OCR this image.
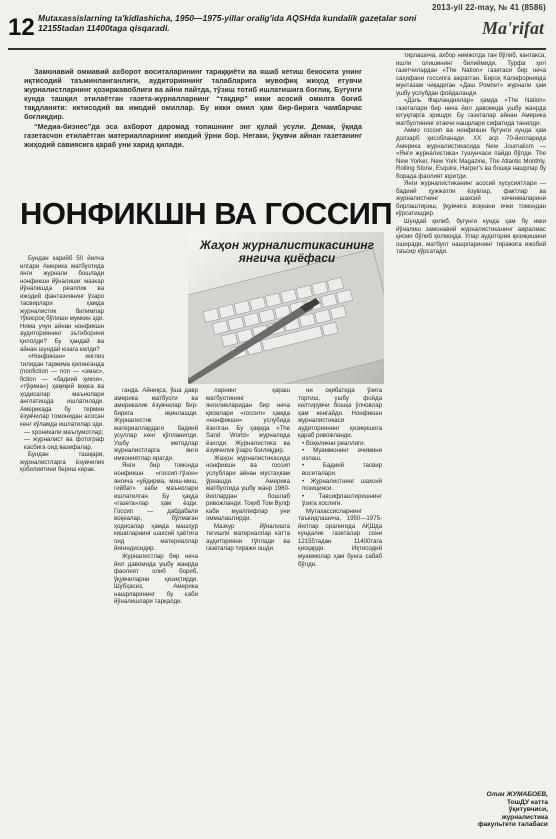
2013-yil 22-may, № 41 (8586)
12 Mutaxassislarning ta'kidlashicha, 1950—1975-yillar oralig'ida AQSHda kundalik gazetalar soni 12155tadan 11400taga qisqaradi.	Ma'rifat

Замонавий оммавий ахборот воситаларининг тараққиёти ва яшаб кетиш бекосита унинг иқтисодий таъминланганлиги, аудиториянинг талабларига мувофиқ жиҳод етувчи журналистларнинг ҳозиржавоблиги ва айни пайтда, тўзиш тотиб ишлатишига боғлиқ. Бугунги кунда ташқил этилаётган газета-журналларнинг “тақдир” икки асосий омилга боғиб тақдланяти: иктисодий ва ижодий омиллар. Бу икки омил ҳам бир-бирига чамбарчас боғлиқдир.

“Медиа-бизнес”да эса ахборот даромад топишнинг энг қулай усули. Демак, ўқида газетасчон етилаётган материалларнинг ижодий ўрни бор. Негаки, ўқувчи айнан газетанинг жиҳодий савиясига қараб уни харид қилади.

НОНФИКШН ВА ГОССИП
Жаҳон журналистикасининг янгича қиёфаси

Бундан карийб 50 йилча илгари Америка матбуотида янги журнали бошлади нонфикшн йўналиши: мазкар йўналишда реаллик ва ижодий фантазиянинг ўзаро тасвирлари ҳамда журналистик билимлар тўкисроқ бўлиши мумкин эди. Нима учун айнан нонфикшн аудиториянинг эътиборини қилолди? Бу ҳандай ва айнан шундай юзага келди?

«Нонфикшн» инглиз тилидан таржима қилинганда (nonfiction — non — «эмас», fiction — «бадиий ҳикоя», «тўқима») ҳақиқий воқеа ва ҳодисалар маънолари англатишда ишлатилади. Америкада бу термин ёзувчилар томонидан асосан кенг кўламда ишлатилар эди.

— хроникали маълумотлар;

— журналист ва фотограф касбига оид вазифалар.

Бундан ташқари, журналистларга ёзувчилик қобилиятини бериш керак.

ганда. Айниқса, ўша давр америка матбуоти ва америкалик ёзувчилар бир-бирига яқинлашди. Журналистик материаллардаги бадиий усуллар кенг қўлланилди. Ушбу методлар журналистларга янги имкониятлар яратди.

Янги бир томонда нонфикшн «госсип-тўзон» янгича «уйдирма, миш-миш, гийбат» каби маънолари ишлатилган. Бу ҳақда «газета»лар ҳам ёзди. Госсип — дабдабали воқеалар, бўлмаган ҳодисалар ҳамда машҳур кишиларнинг шахсий ҳаётига оид материаллар йиғиндисидир.

Журналистлар бир неча йил давомида ушбу жанрда фаолият олиб бориб, ўқувчиларни қизиқтирди. Шубҳасиз, Америка нашрларининг бу каби йўналишлари тарқалди.

ларнинг қараш матбуотининг янгиликларидан бир неча қисмлари «госсип» ҳамда «нонфикшн» услубида ёзилган. Бу ҳақида «The Sand World» журналида ёзилди. Журналистика ва ёзувчилик ўзаро боғлиқдир.

Жаҳон журналистикасида нонфикшн ва госсип услублари айнан мустаҳкам ўрнашди. Америка матбуотида ушбу жанр 1960-йиллардан бошлаб ривожланди. Тоқиб Том Вулф каби муаллифлар уни оммалаштирди.

Мазкур йўналишга тегишли материаллар катта аудиторияни тўплади ва газеталар тиражи ошди.

ни оқибатида ўзига тортиш, ушбу фойда келтирувчи бошқа ўлчовлар ҳам кенгайди. Нонфикшн журналистикаси аудиториянинг қизиқишига қараб ривожланди.

• Воқеликни реаллиги.

• Муаммонинг ечимини излаш.

• Бадиий тасвир воситалари.

• Журналистнинг шахсий позицияси.

• Тавсифлаштиришнинг ўзига хослиги.

Мутахассисларнинг таъкидлашича, 1950—1975-йиллар оралиғида АҚШда кундалик газеталар сони 12155тадан 11400тага қисқарди. Иқтисодий муаммолар ҳам бунга сабаб бўлди.

тирлашича, ахбор нимжотда тан бўлиб, кантакса, ишли олишининг билиймиди. Турфа ҳил газетчилардан «The Nation» газетаси бир неча саҳифани госсипга ажратган. Бироқ Калифорнияда мунтазам чиқадиган «Даш Ромпет» журнали ҳам ушбу услубдан фойдаланди.

«Дэль Фарландиялар» ҳамда «The Nation» газеталари бир неча йил давомида ушбу жанрда ютуқларга эришди. Бу газеталар айнан Америка матбуотининг етакчи нашрлари сифатида танилди.

Аммо госсип ва нонфикшн бугунги кунда ҳам долзарб ҳисобланади. XX аср 70-йилларида Америка журналистикасида New Journalism — «Янги журналистика» тушунчаси пайдо бўлди. The New Yorker, New York Magazine, The Atlantic Monthly, Rolling Stone, Esquire, Harper's ва бошқа нашрлар бу борада фаолият юритди.

Янги журналистиканинг асосий хусусиятлари — бадиий ҳужжатли ёзувлар, фактлар ва журналистнинг шахсий кечинмаларини бирлаштириш, ўқувчига воқеани ички томондан кўрсатишдир.

Шундай қилиб, бугунги кунда ҳам бу икки йўналиш замонавий журналистиканинг ажралмас қисми бўлиб қолмоқда. Улар аудитория қизиқишини оширади, матбуот нашрларининг тиражига ижобий таъсир кўрсатади.

Олим ЖУМАБОЕВ,
ТошДУ катта ўқитувчиси, журналистика факультети талабаси
